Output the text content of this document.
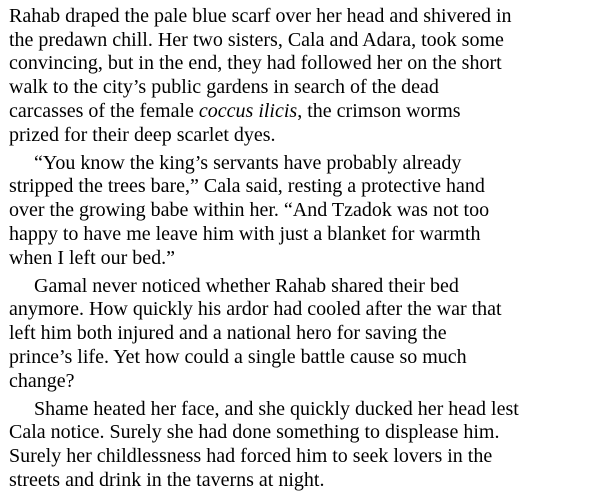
Rahab draped the pale blue scarf over her head and shivered in
the predawn chill. Her two sisters, Cala and Adara, took some
convincing, but in the end, they had followed her on the short
walk to the city’s public gardens in search of the dead
carcasses of the female coccus ilicis, the crimson worms
prized for their deep scarlet dyes.
“You know the king’s servants have probably already
stripped the trees bare,” Cala said, resting a protective hand
over the growing babe within her. “And Tzadok was not too
happy to have me leave him with just a blanket for warmth
when I left our bed.”
Gamal never noticed whether Rahab shared their bed
anymore. How quickly his ardor had cooled after the war that
left him both injured and a national hero for saving the
prince’s life. Yet how could a single battle cause so much
change?
Shame heated her face, and she quickly ducked her head lest
Cala notice. Surely she had done something to displease him.
Surely her childlessness had forced him to seek lovers in the
streets and drink in the taverns at night.
